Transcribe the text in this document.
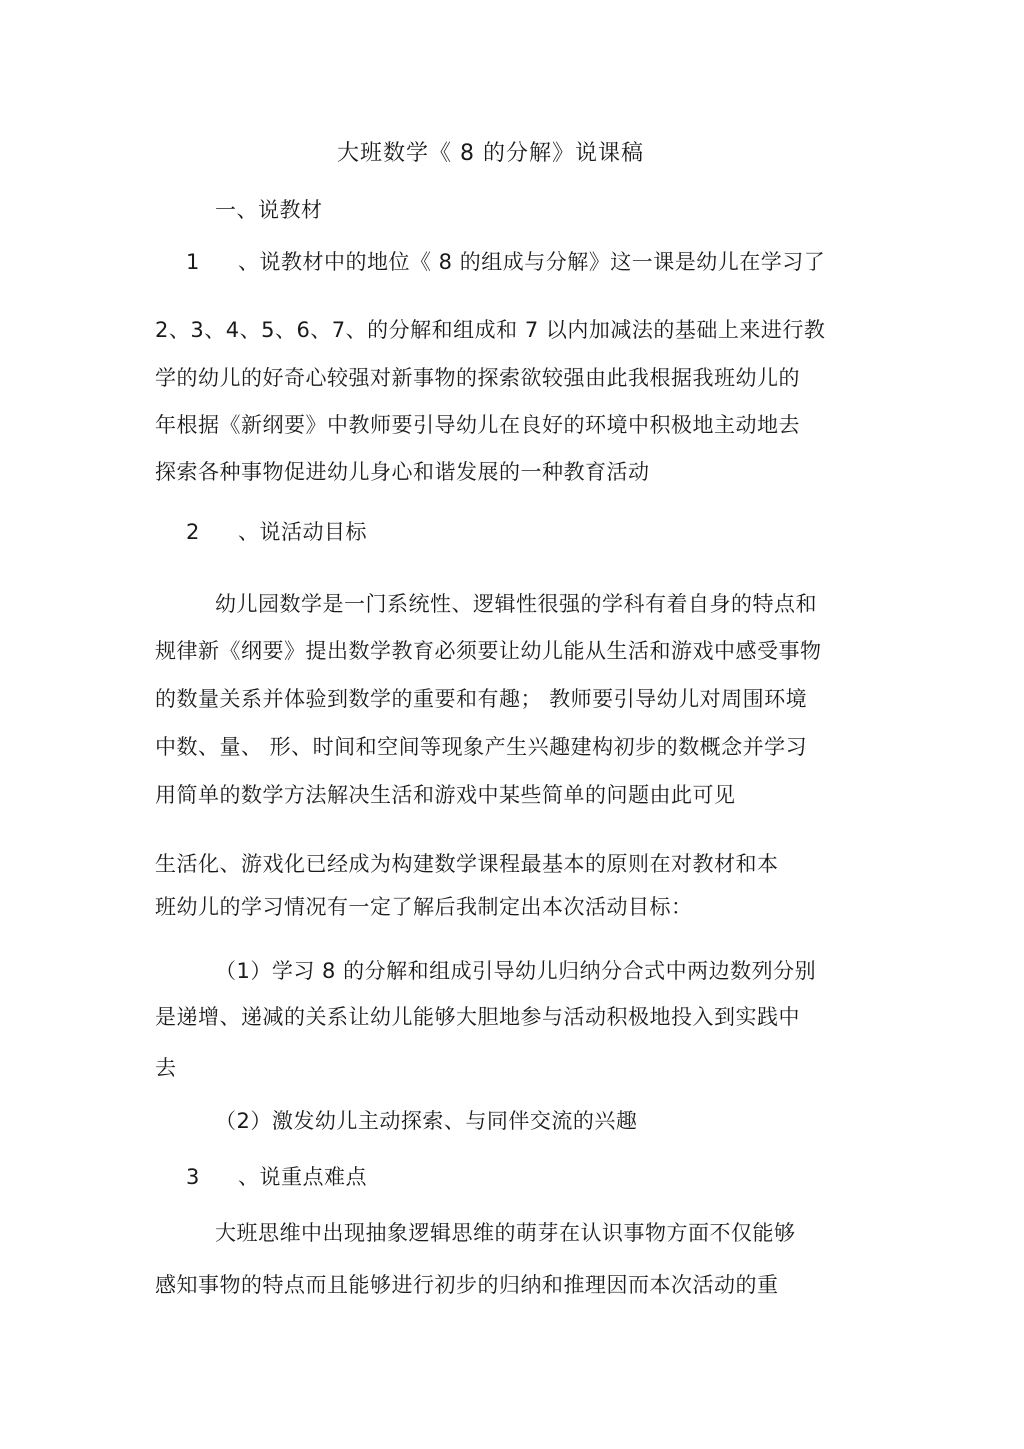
大班数学《 8 的分解》说课稿
一、说教材
1 、说教材中的地位《 8 的组成与分解》这一课是幼儿在学习了
2、3、4、5、6、7、的分解和组成和 7 以内加减法的基础上来进行教
学的幼儿的好奇心较强对新事物的探索欲较强由此我根据我班幼儿的
年根据《新纲要》中教师要引导幼儿在良好的环境中积极地主动地去
探索各种事物促进幼儿身心和谐发展的一种教育活动
2 、说活动目标
幼儿园数学是一门系统性、逻辑性很强的学科有着自身的特点和
规律新《纲要》提出数学教育必须要让幼儿能从生活和游戏中感受事物
的数量关系并体验到数学的重要和有趣； 教师要引导幼儿对周围环境
中数、量、 形、时间和空间等现象产生兴趣建构初步的数概念并学习
用简单的数学方法解决生活和游戏中某些简单的问题由此可见
生活化、游戏化已经成为构建数学课程最基本的原则在对教材和本
班幼儿的学习情况有一定了解后我制定出本次活动目标：
（1）学习 8 的分解和组成引导幼儿归纳分合式中两边数列分别
是递增、递减的关系让幼儿能够大胆地参与活动积极地投入到实践中
去
（2）激发幼儿主动探索、与同伴交流的兴趣
3 、说重点难点
大班思维中出现抽象逻辑思维的萌芽在认识事物方面不仅能够
感知事物的特点而且能够进行初步的归纳和推理因而本次活动的重
